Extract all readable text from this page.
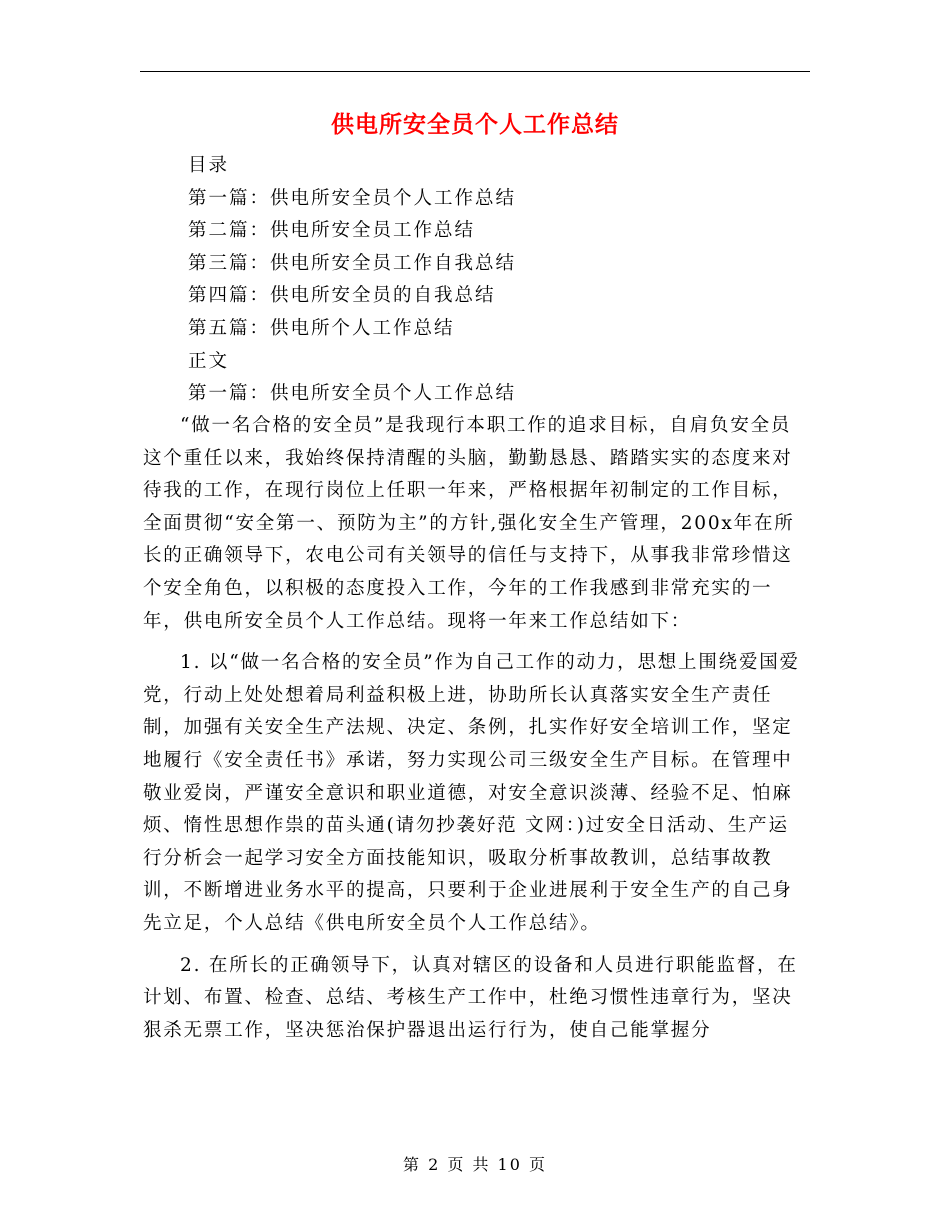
供电所安全员个人工作总结
目录
第一篇：供电所安全员个人工作总结
第二篇：供电所安全员工作总结
第三篇：供电所安全员工作自我总结
第四篇：供电所安全员的自我总结
第五篇：供电所个人工作总结
正文
第一篇：供电所安全员个人工作总结

“做一名合格的安全员”是我现行本职工作的追求目标，自肩负安全员这个重任以来，我始终保持清醒的头脑，勤勤恳恳、踏踏实实的态度来对待我的工作，在现行岗位上任职一年来，严格根据年初制定的工作目标，全面贯彻“安全第一、预防为主”的方针,强化安全生产管理，200x年在所长的正确领导下，农电公司有关领导的信任与支持下，从事我非常珍惜这个安全角色，以积极的态度投入工作，今年的工作我感到非常充实的一年，供电所安全员个人工作总结。现将一年来工作总结如下：

1. 以“做一名合格的安全员”作为自己工作的动力，思想上围绕爱国爱党，行动上处处想着局利益积极上进，协助所长认真落实安全生产责任制，加强有关安全生产法规、决定、条例，扎实作好安全培训工作，坚定地履行《安全责任书》承诺，努力实现公司三级安全生产目标。在管理中敬业爱岗，严谨安全意识和职业道德，对安全意识淡薄、经验不足、怕麻烦、惰性思想作祟的苗头通(请勿抄袭好范 文网：)过安全日活动、生产运行分析会一起学习安全方面技能知识，吸取分析事故教训，总结事故教训，不断增进业务水平的提高，只要利于企业进展利于安全生产的自己身先立足，个人总结《供电所安全员个人工作总结》。

2. 在所长的正确领导下，认真对辖区的设备和人员进行职能监督，在计划、布置、检查、总结、考核生产工作中，杜绝习惯性违章行为，坚决狠杀无票工作，坚决惩治保护器退出运行行为，使自己能掌握分

第 2 页 共 10 页
